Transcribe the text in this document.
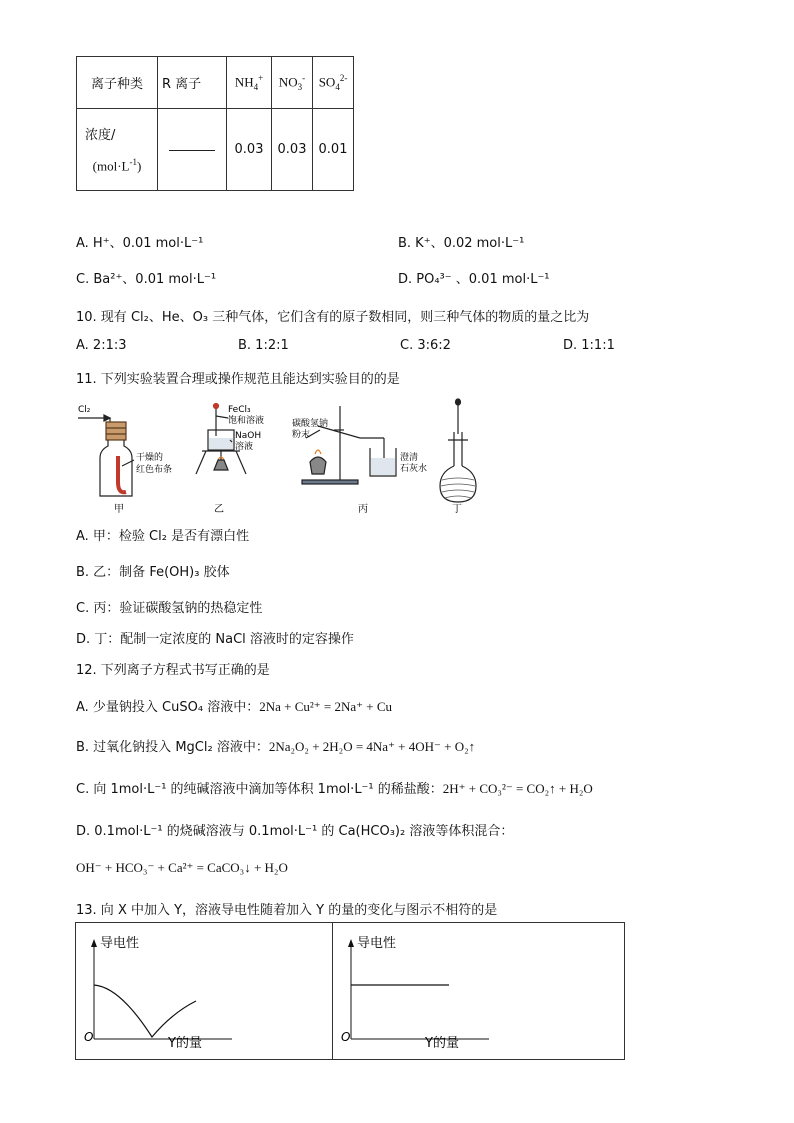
离子种类	R 离子	$NH_4^+$	$NO_3^-$	$SO_4^{2-}$

浓度/
$(mol\cdot L^{-1})$		0.03	0.03	0.01
A. H⁺、0.01 mol·L⁻¹	B. K⁺、0.02 mol·L⁻¹
C. Ba²⁺、0.01 mol·L⁻¹	D. PO₄³⁻ 、0.01 mol·L⁻¹
10. 现有 Cl₂、He、O₃ 三种气体，它们含有的原子数相同，则三种气体的物质的量之比为
A. 2:1:3	B. 1:2:1	C. 3:6:2	D. 1:1:1
11. 下列实验装置合理或操作规范且能达到实验目的的是
Cl₂
干燥的
红色布条
FeCl₃
饱和溶液
NaOH
溶液
碳酸氢钠
粉末
澄清
石灰水
甲	乙	丙	丁
A. 甲：检验 Cl₂ 是否有漂白性
B. 乙：制备 Fe(OH)₃ 胶体
C. 丙：验证碳酸氢钠的热稳定性
D. 丁：配制一定浓度的 NaCl 溶液时的定容操作
12. 下列离子方程式书写正确的是
A. 少量钠投入 CuSO₄ 溶液中：2Na + Cu²⁺ = 2Na⁺ + Cu
B. 过氧化钠投入 MgCl₂ 溶液中：2Na₂O₂ + 2H₂O = 4Na⁺ + 4OH⁻ + O₂↑
C. 向 1mol·L⁻¹ 的纯碱溶液中滴加等体积 1mol·L⁻¹ 的稀盐酸：2H⁺ + CO₃²⁻ = CO₂↑ + H₂O
D. 0.1mol·L⁻¹ 的烧碱溶液与 0.1mol·L⁻¹ 的 Ca(HCO₃)₂ 溶液等体积混合：
OH⁻ + HCO₃⁻ + Ca²⁺ = CaCO₃↓ + H₂O
13. 向 X 中加入 Y，溶液导电性随着加入 Y 的量的变化与图示不相符的是
导电性
O	Y的量
导电性
O	Y的量
